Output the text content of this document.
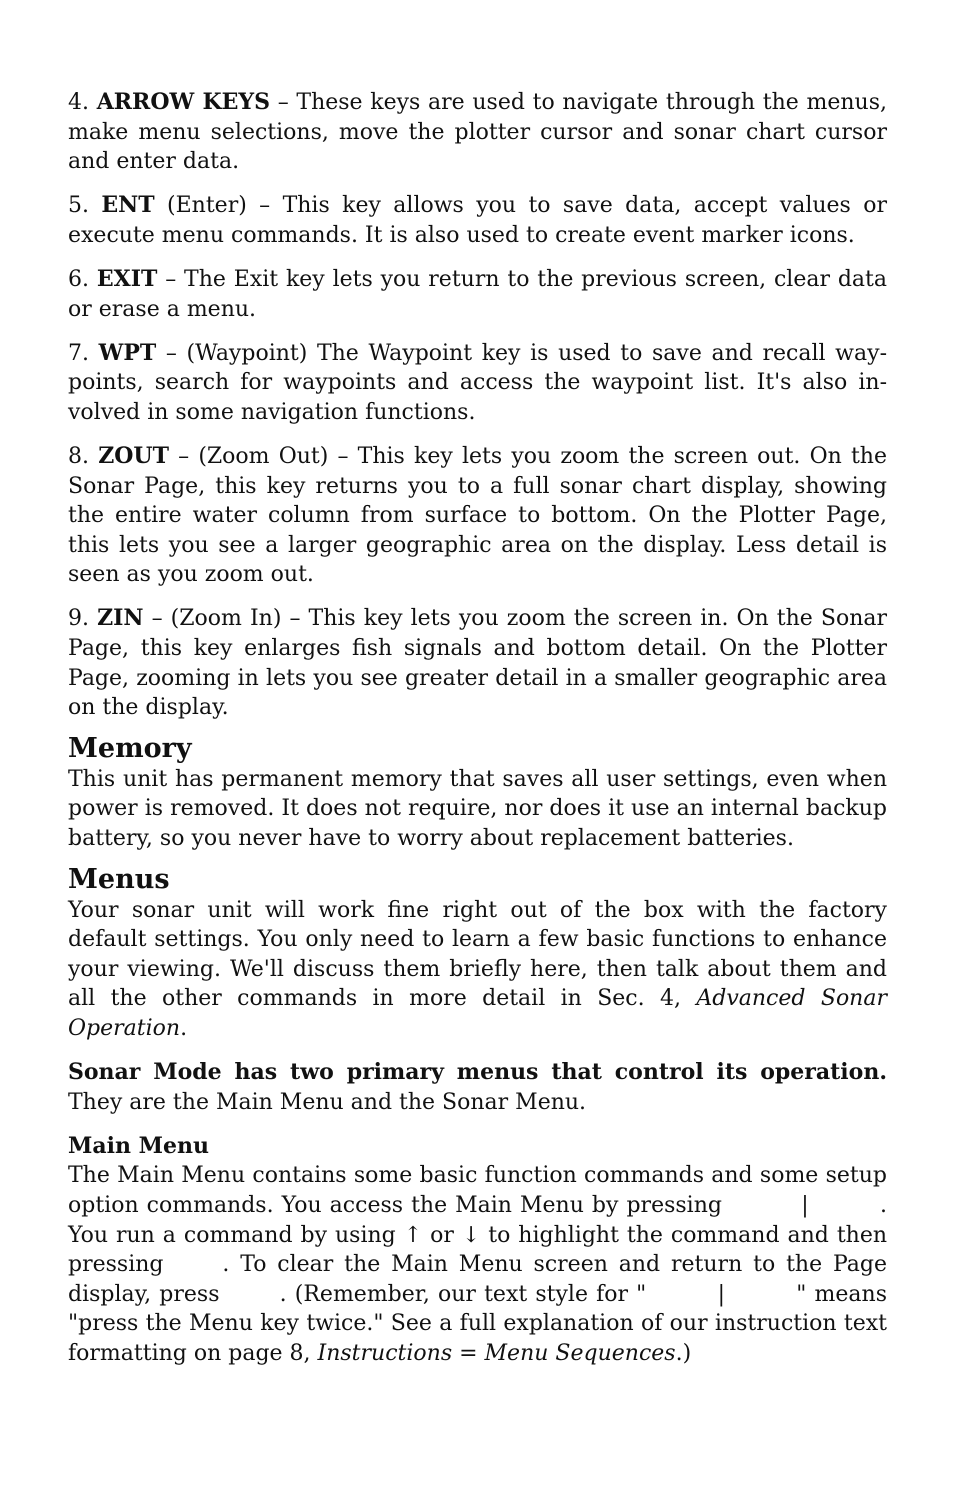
4. ARROW KEYS – These keys are used to navigate through the menus, make menu selections, move the plotter cursor and sonar chart cursor and enter data.

5. ENT (Enter) – This key allows you to save data, accept values or execute menu commands. It is also used to create event marker icons.

6. EXIT – The Exit key lets you return to the previous screen, clear data or erase a menu.

7. WPT – (Waypoint) The Waypoint key is used to save and recall waypoints, search for waypoints and access the waypoint list. It's also involved in some navigation functions.

8. ZOUT – (Zoom Out) – This key lets you zoom the screen out. On the Sonar Page, this key returns you to a full sonar chart display, showing the entire water column from surface to bottom. On the Plotter Page, this lets you see a larger geographic area on the display. Less detail is seen as you zoom out.

9. ZIN – (Zoom In) – This key lets you zoom the screen in. On the Sonar Page, this key enlarges fish signals and bottom detail. On the Plotter Page, zooming in lets you see greater detail in a smaller geographic area on the display.

Memory

This unit has permanent memory that saves all user settings, even when power is removed. It does not require, nor does it use an internal backup battery, so you never have to worry about replacement batteries.

Menus

Your sonar unit will work fine right out of the box with the factory default settings. You only need to learn a few basic functions to enhance your viewing. We'll discuss them briefly here, then talk about them and all the other commands in more detail in Sec. 4, Advanced Sonar Operation.

Sonar Mode has two primary menus that control its operation. They are the Main Menu and the Sonar Menu.

Main Menu

The Main Menu contains some basic function commands and some setup option commands. You access the Main Menu by pressing	|	. You run a command by using ↑ or ↓ to highlight the command and then pressing . To clear the Main Menu screen and return to the Page display, press . (Remember, our text style for "	|	" means "press the Menu key twice." See a full explanation of our instruction text formatting on page 8, Instructions = Menu Sequences.)
